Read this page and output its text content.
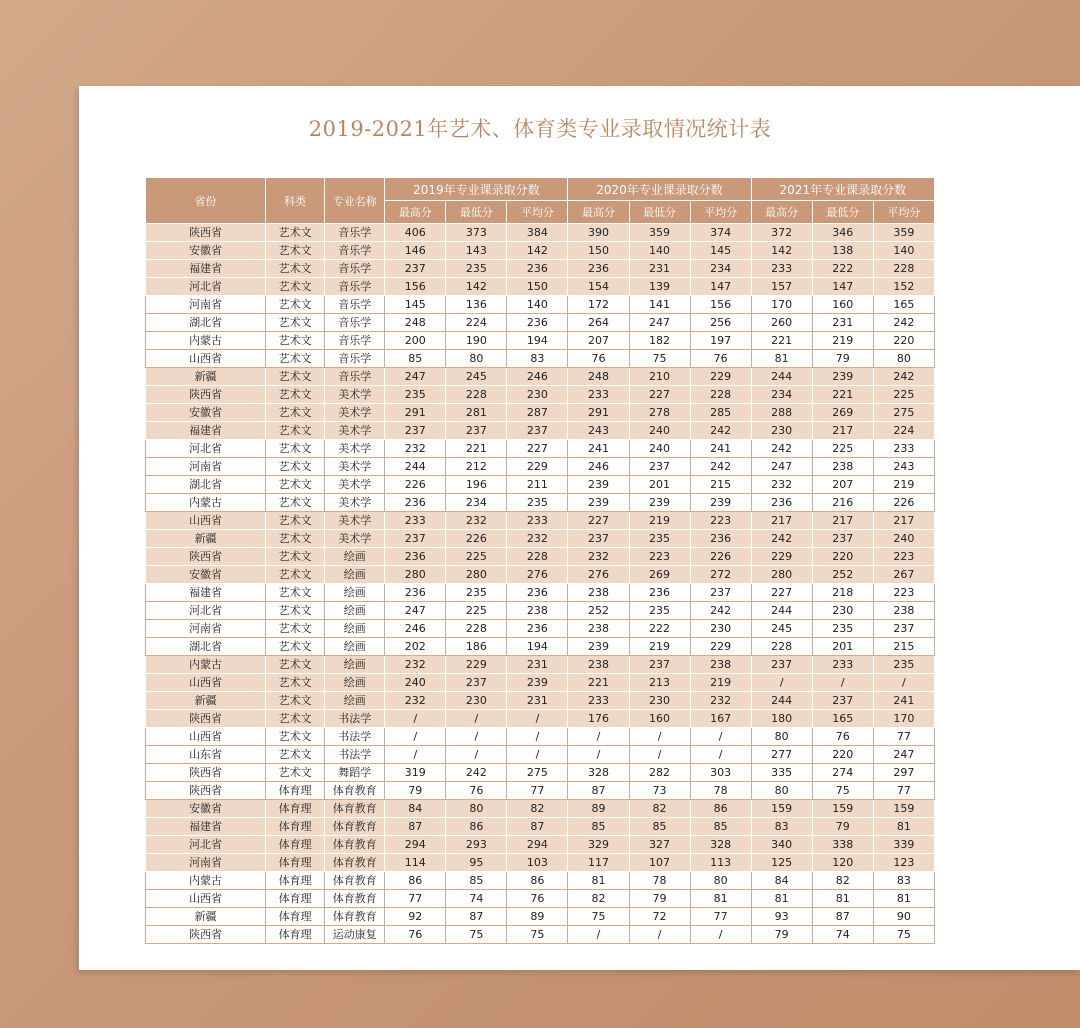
2019-2021年艺术、体育类专业录取情况统计表
省份	科类	专业名称	2019年专业课录取分数			2020年专业课录取分数			2021年专业课录取分数		
			最高分	最低分	平均分	最高分	最低分	平均分	最高分	最低分	平均分
陕西省	艺术文	音乐学	406	373	384	390	359	374	372	346	359
安徽省	艺术文	音乐学	146	143	142	150	140	145	142	138	140
福建省	艺术文	音乐学	237	235	236	236	231	234	233	222	228
河北省	艺术文	音乐学	156	142	150	154	139	147	157	147	152
河南省	艺术文	音乐学	145	136	140	172	141	156	170	160	165
湖北省	艺术文	音乐学	248	224	236	264	247	256	260	231	242
内蒙古	艺术文	音乐学	200	190	194	207	182	197	221	219	220
山西省	艺术文	音乐学	85	80	83	76	75	76	81	79	80
新疆	艺术文	音乐学	247	245	246	248	210	229	244	239	242
陕西省	艺术文	美术学	235	228	230	233	227	228	234	221	225
安徽省	艺术文	美术学	291	281	287	291	278	285	288	269	275
福建省	艺术文	美术学	237	237	237	243	240	242	230	217	224
河北省	艺术文	美术学	232	221	227	241	240	241	242	225	233
河南省	艺术文	美术学	244	212	229	246	237	242	247	238	243
湖北省	艺术文	美术学	226	196	211	239	201	215	232	207	219
内蒙古	艺术文	美术学	236	234	235	239	239	239	236	216	226
山西省	艺术文	美术学	233	232	233	227	219	223	217	217	217
新疆	艺术文	美术学	237	226	232	237	235	236	242	237	240
陕西省	艺术文	绘画	236	225	228	232	223	226	229	220	223
安徽省	艺术文	绘画	280	280	276	276	269	272	280	252	267
福建省	艺术文	绘画	236	235	236	238	236	237	227	218	223
河北省	艺术文	绘画	247	225	238	252	235	242	244	230	238
河南省	艺术文	绘画	246	228	236	238	222	230	245	235	237
湖北省	艺术文	绘画	202	186	194	239	219	229	228	201	215
内蒙古	艺术文	绘画	232	229	231	238	237	238	237	233	235
山西省	艺术文	绘画	240	237	239	221	213	219	/	/	/
新疆	艺术文	绘画	232	230	231	233	230	232	244	237	241
陕西省	艺术文	书法学	/	/	/	176	160	167	180	165	170
山西省	艺术文	书法学	/	/	/	/	/	/	80	76	77
山东省	艺术文	书法学	/	/	/	/	/	/	277	220	247
陕西省	艺术文	舞蹈学	319	242	275	328	282	303	335	274	297
陕西省	体育理	体育教育	79	76	77	87	73	78	80	75	77
安徽省	体育理	体育教育	84	80	82	89	82	86	159	159	159
福建省	体育理	体育教育	87	86	87	85	85	85	83	79	81
河北省	体育理	体育教育	294	293	294	329	327	328	340	338	339
河南省	体育理	体育教育	114	95	103	117	107	113	125	120	123
内蒙古	体育理	体育教育	86	85	86	81	78	80	84	82	83
山西省	体育理	体育教育	77	74	76	82	79	81	81	81	81
新疆	体育理	体育教育	92	87	89	75	72	77	93	87	90
陕西省	体育理	运动康复	76	75	75	/	/	/	79	74	75
